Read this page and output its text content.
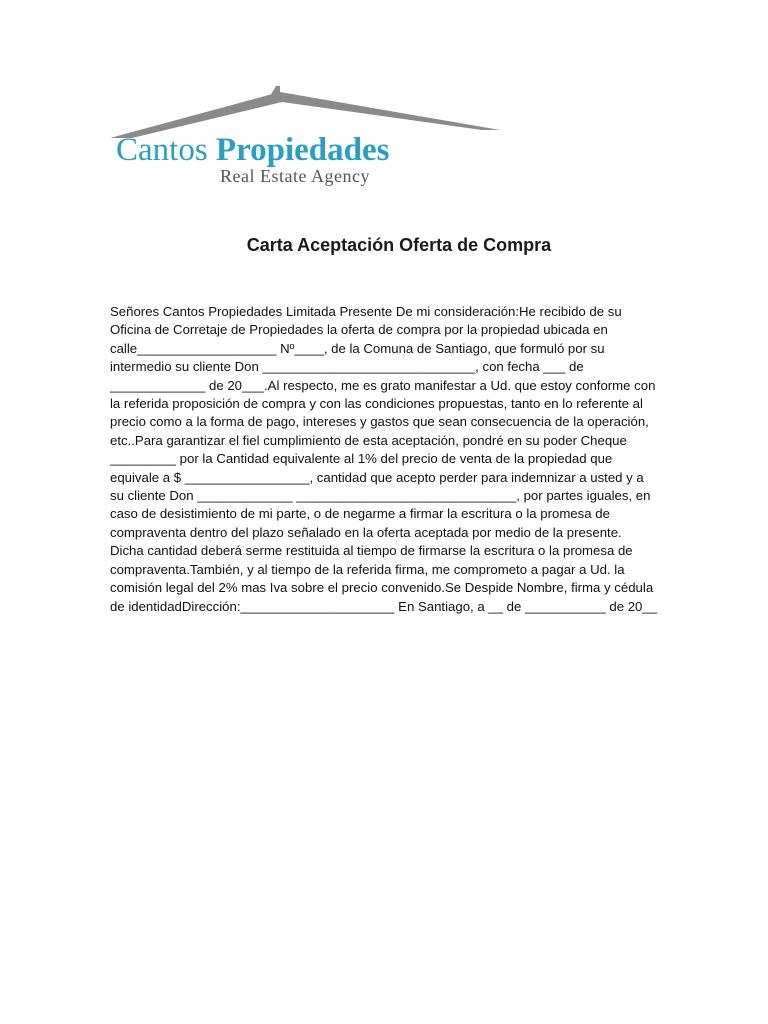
Cantos Propiedades
Real Estate Agency
Carta Aceptación Oferta de Compra
Señores Cantos Propiedades Limitada Presente De mi consideración:He recibido de su Oficina de Corretaje de Propiedades la oferta de compra por la propiedad ubicada en calle___________________ Nº____, de la Comuna de Santiago, que formuló por su intermedio su cliente Don _____________________________, con fecha ___ de _____________ de 20___.Al respecto, me es grato manifestar a Ud. que estoy conforme con la referida proposición de compra y con las condiciones propuestas, tanto en lo referente al precio como a la forma de pago, intereses y gastos que sean consecuencia de la operación, etc..Para garantizar el fiel cumplimiento de esta aceptación, pondré en su poder Cheque _________ por la Cantidad equivalente al 1% del precio de venta de la propiedad que equivale a $ _________________, cantidad que acepto perder para indemnizar a usted y a su cliente Don _____________ ______________________________, por partes iguales, en caso de desistimiento de mi parte, o de negarme a firmar la escritura o la promesa de compraventa dentro del plazo señalado en la oferta aceptada por medio de la presente. Dicha cantidad deberá serme restituida al tiempo de firmarse la escritura o la promesa de compraventa.También, y al tiempo de la referida firma, me comprometo a pagar a Ud. la comisión legal del 2% mas Iva sobre el precio convenido.Se Despide Nombre, firma y cédula de identidadDirección:_____________________ En Santiago, a __ de ___________ de 20__
